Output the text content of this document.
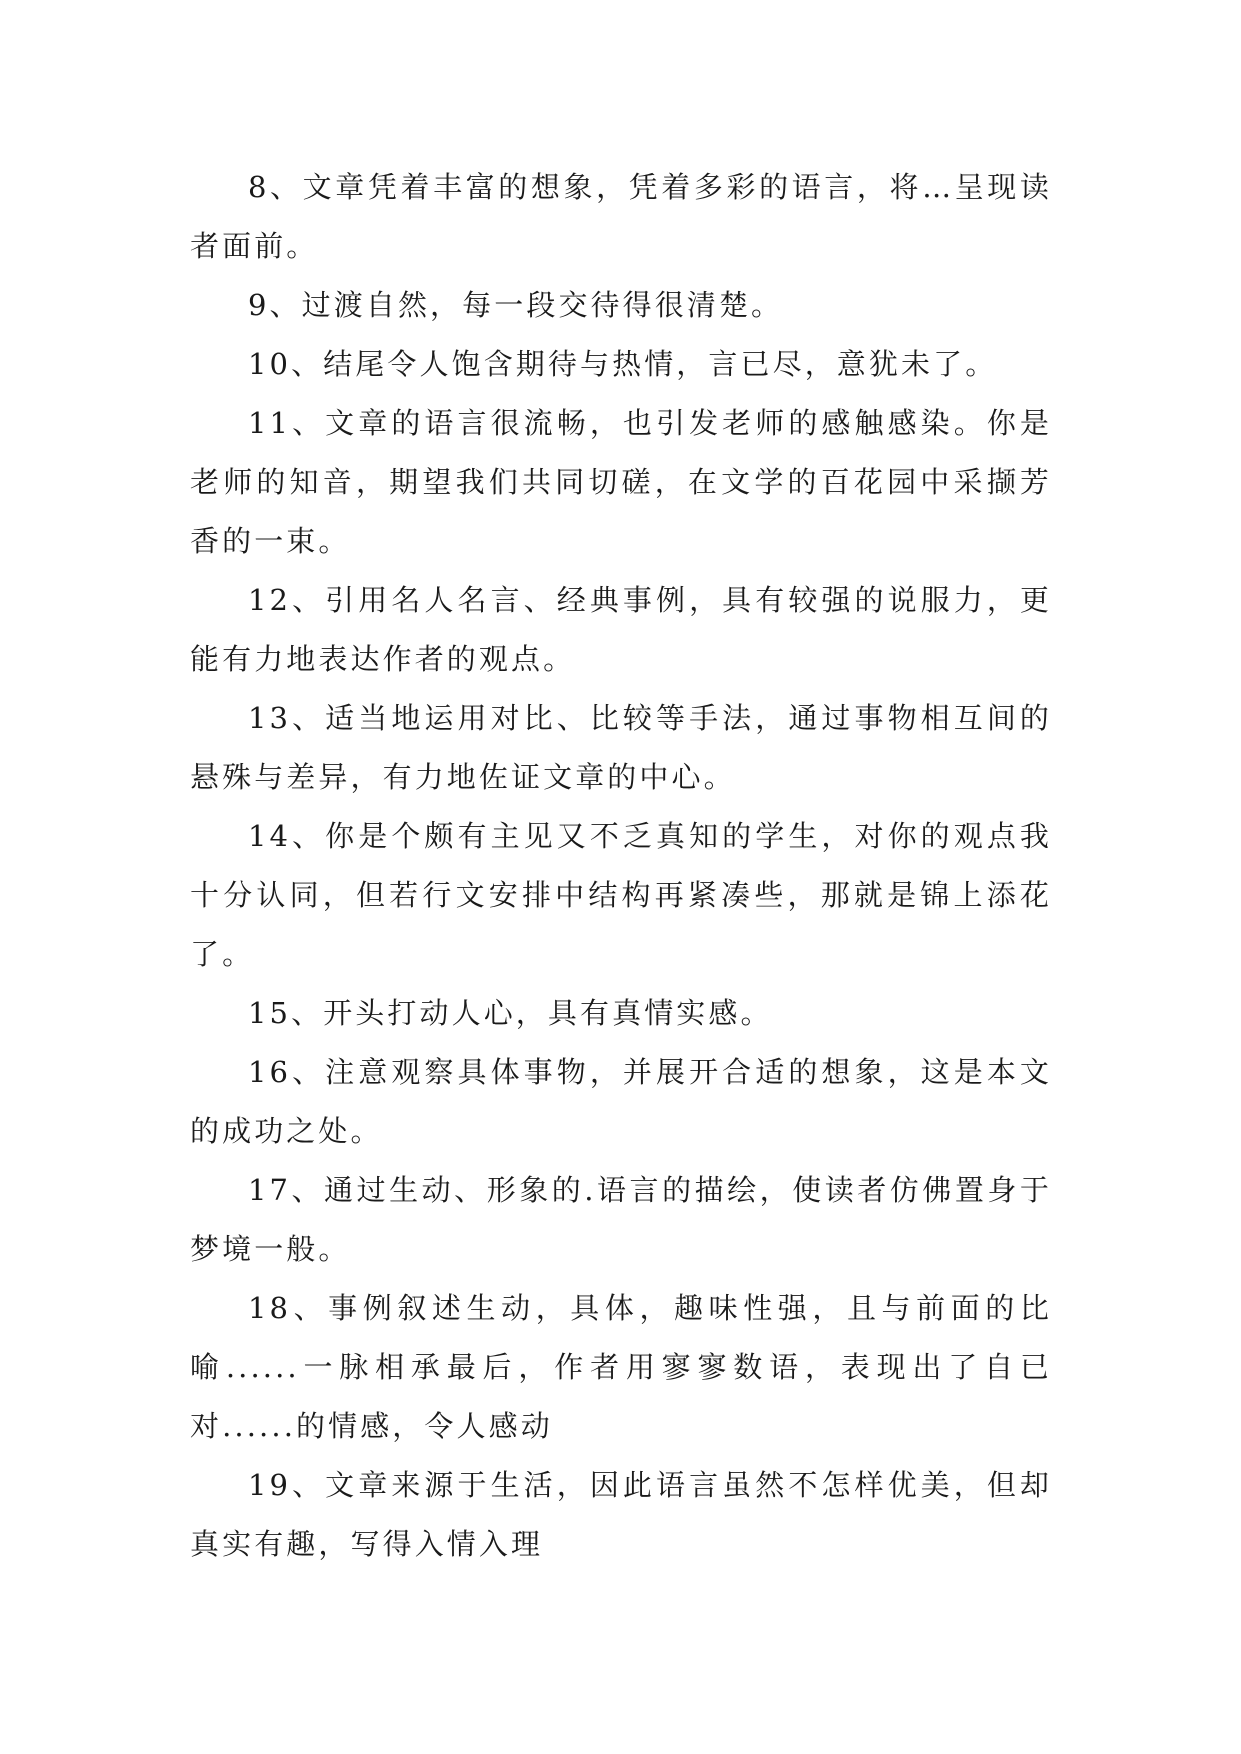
8、文章凭着丰富的想象，凭着多彩的语言，将…呈现读者面前。

9、过渡自然，每一段交待得很清楚。

10、结尾令人饱含期待与热情，言已尽，意犹未了。

11、文章的语言很流畅，也引发老师的感触感染。你是老师的知音，期望我们共同切磋，在文学的百花园中采撷芳香的一束。

12、引用名人名言、经典事例，具有较强的说服力，更能有力地表达作者的观点。

13、适当地运用对比、比较等手法，通过事物相互间的悬殊与差异，有力地佐证文章的中心。

14、你是个颇有主见又不乏真知的学生，对你的观点我十分认同，但若行文安排中结构再紧凑些，那就是锦上添花了。

15、开头打动人心，具有真情实感。

16、注意观察具体事物，并展开合适的想象，这是本文的成功之处。

17、通过生动、形象的.语言的描绘，使读者仿佛置身于梦境一般。

18、事例叙述生动，具体，趣味性强，且与前面的比喻......一脉相承最后，作者用寥寥数语，表现出了自已对......的情感，令人感动

19、文章来源于生活，因此语言虽然不怎样优美，但却真实有趣，写得入情入理
